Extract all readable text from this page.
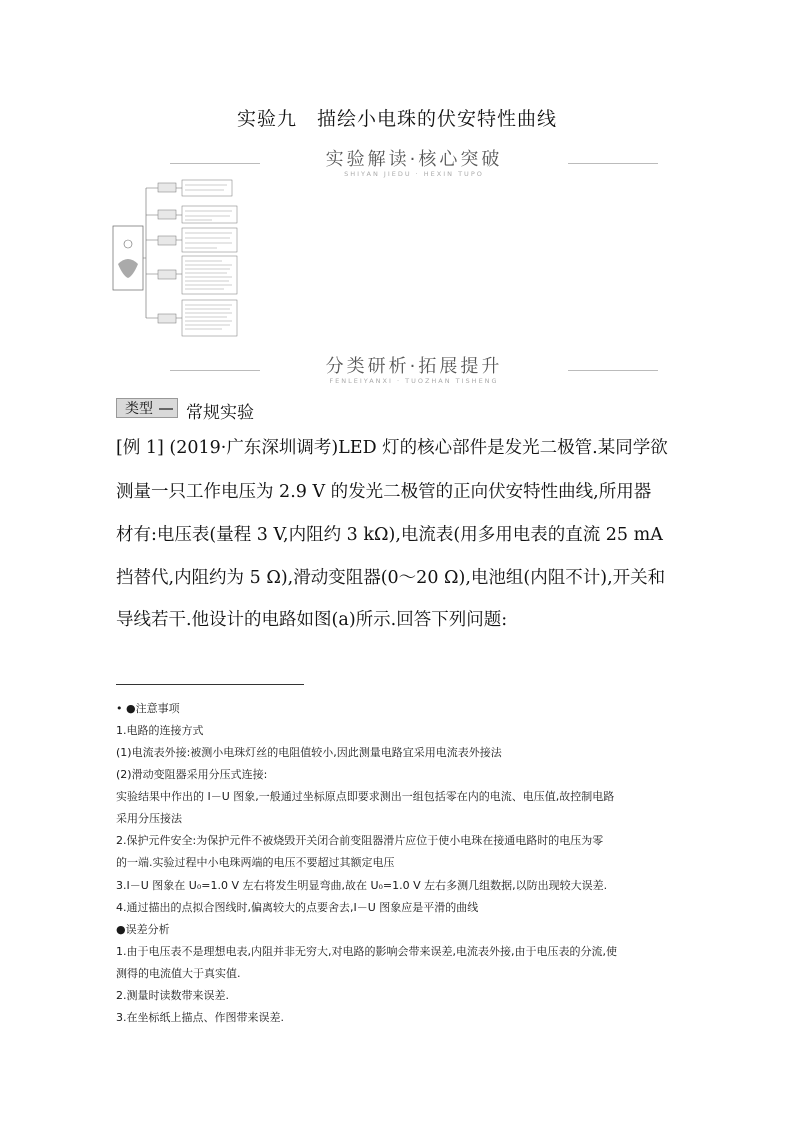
实验九　描绘小电珠的伏安特性曲线
实验解读·核心突破
SHIYAN JIEDU · HEXIN TUPO
分类研析·拓展提升
FENLEIYANXI · TUOZHAN TISHENG
类型	常规实验
[例 1] (2019·广东深圳调考)LED 灯的核心部件是发光二极管.某同学欲
测量一只工作电压为 2.9 V 的发光二极管的正向伏安特性曲线,所用器
材有:电压表(量程 3 V,内阻约 3 kΩ),电流表(用多用电表的直流 25 mA
挡替代,内阻约为 5 Ω),滑动变阻器(0～20 Ω),电池组(内阻不计),开关和
导线若干.他设计的电路如图(a)所示.回答下列问题:
• ●注意事项
1.电路的连接方式
(1)电流表外接:被测小电珠灯丝的电阻值较小,因此测量电路宜采用电流表外接法
(2)滑动变阻器采用分压式连接:
实验结果中作出的 I－U 图象,一般通过坐标原点即要求测出一组包括零在内的电流、电压值,故控制电路
采用分压接法
2.保护元件安全:为保护元件不被烧毁开关闭合前变阻器滑片应位于使小电珠在接通电路时的电压为零
的一端.实验过程中小电珠两端的电压不要超过其额定电压
3.I－U 图象在 U₀=1.0 V 左右将发生明显弯曲,故在 U₀=1.0 V 左右多测几组数据,以防出现较大误差.
4.通过描出的点拟合图线时,偏离较大的点要舍去,I－U 图象应是平滑的曲线
●误差分析
1.由于电压表不是理想电表,内阻并非无穷大,对电路的影响会带来误差,电流表外接,由于电压表的分流,使
测得的电流值大于真实值.
2.测量时读数带来误差.
3.在坐标纸上描点、作图带来误差.
